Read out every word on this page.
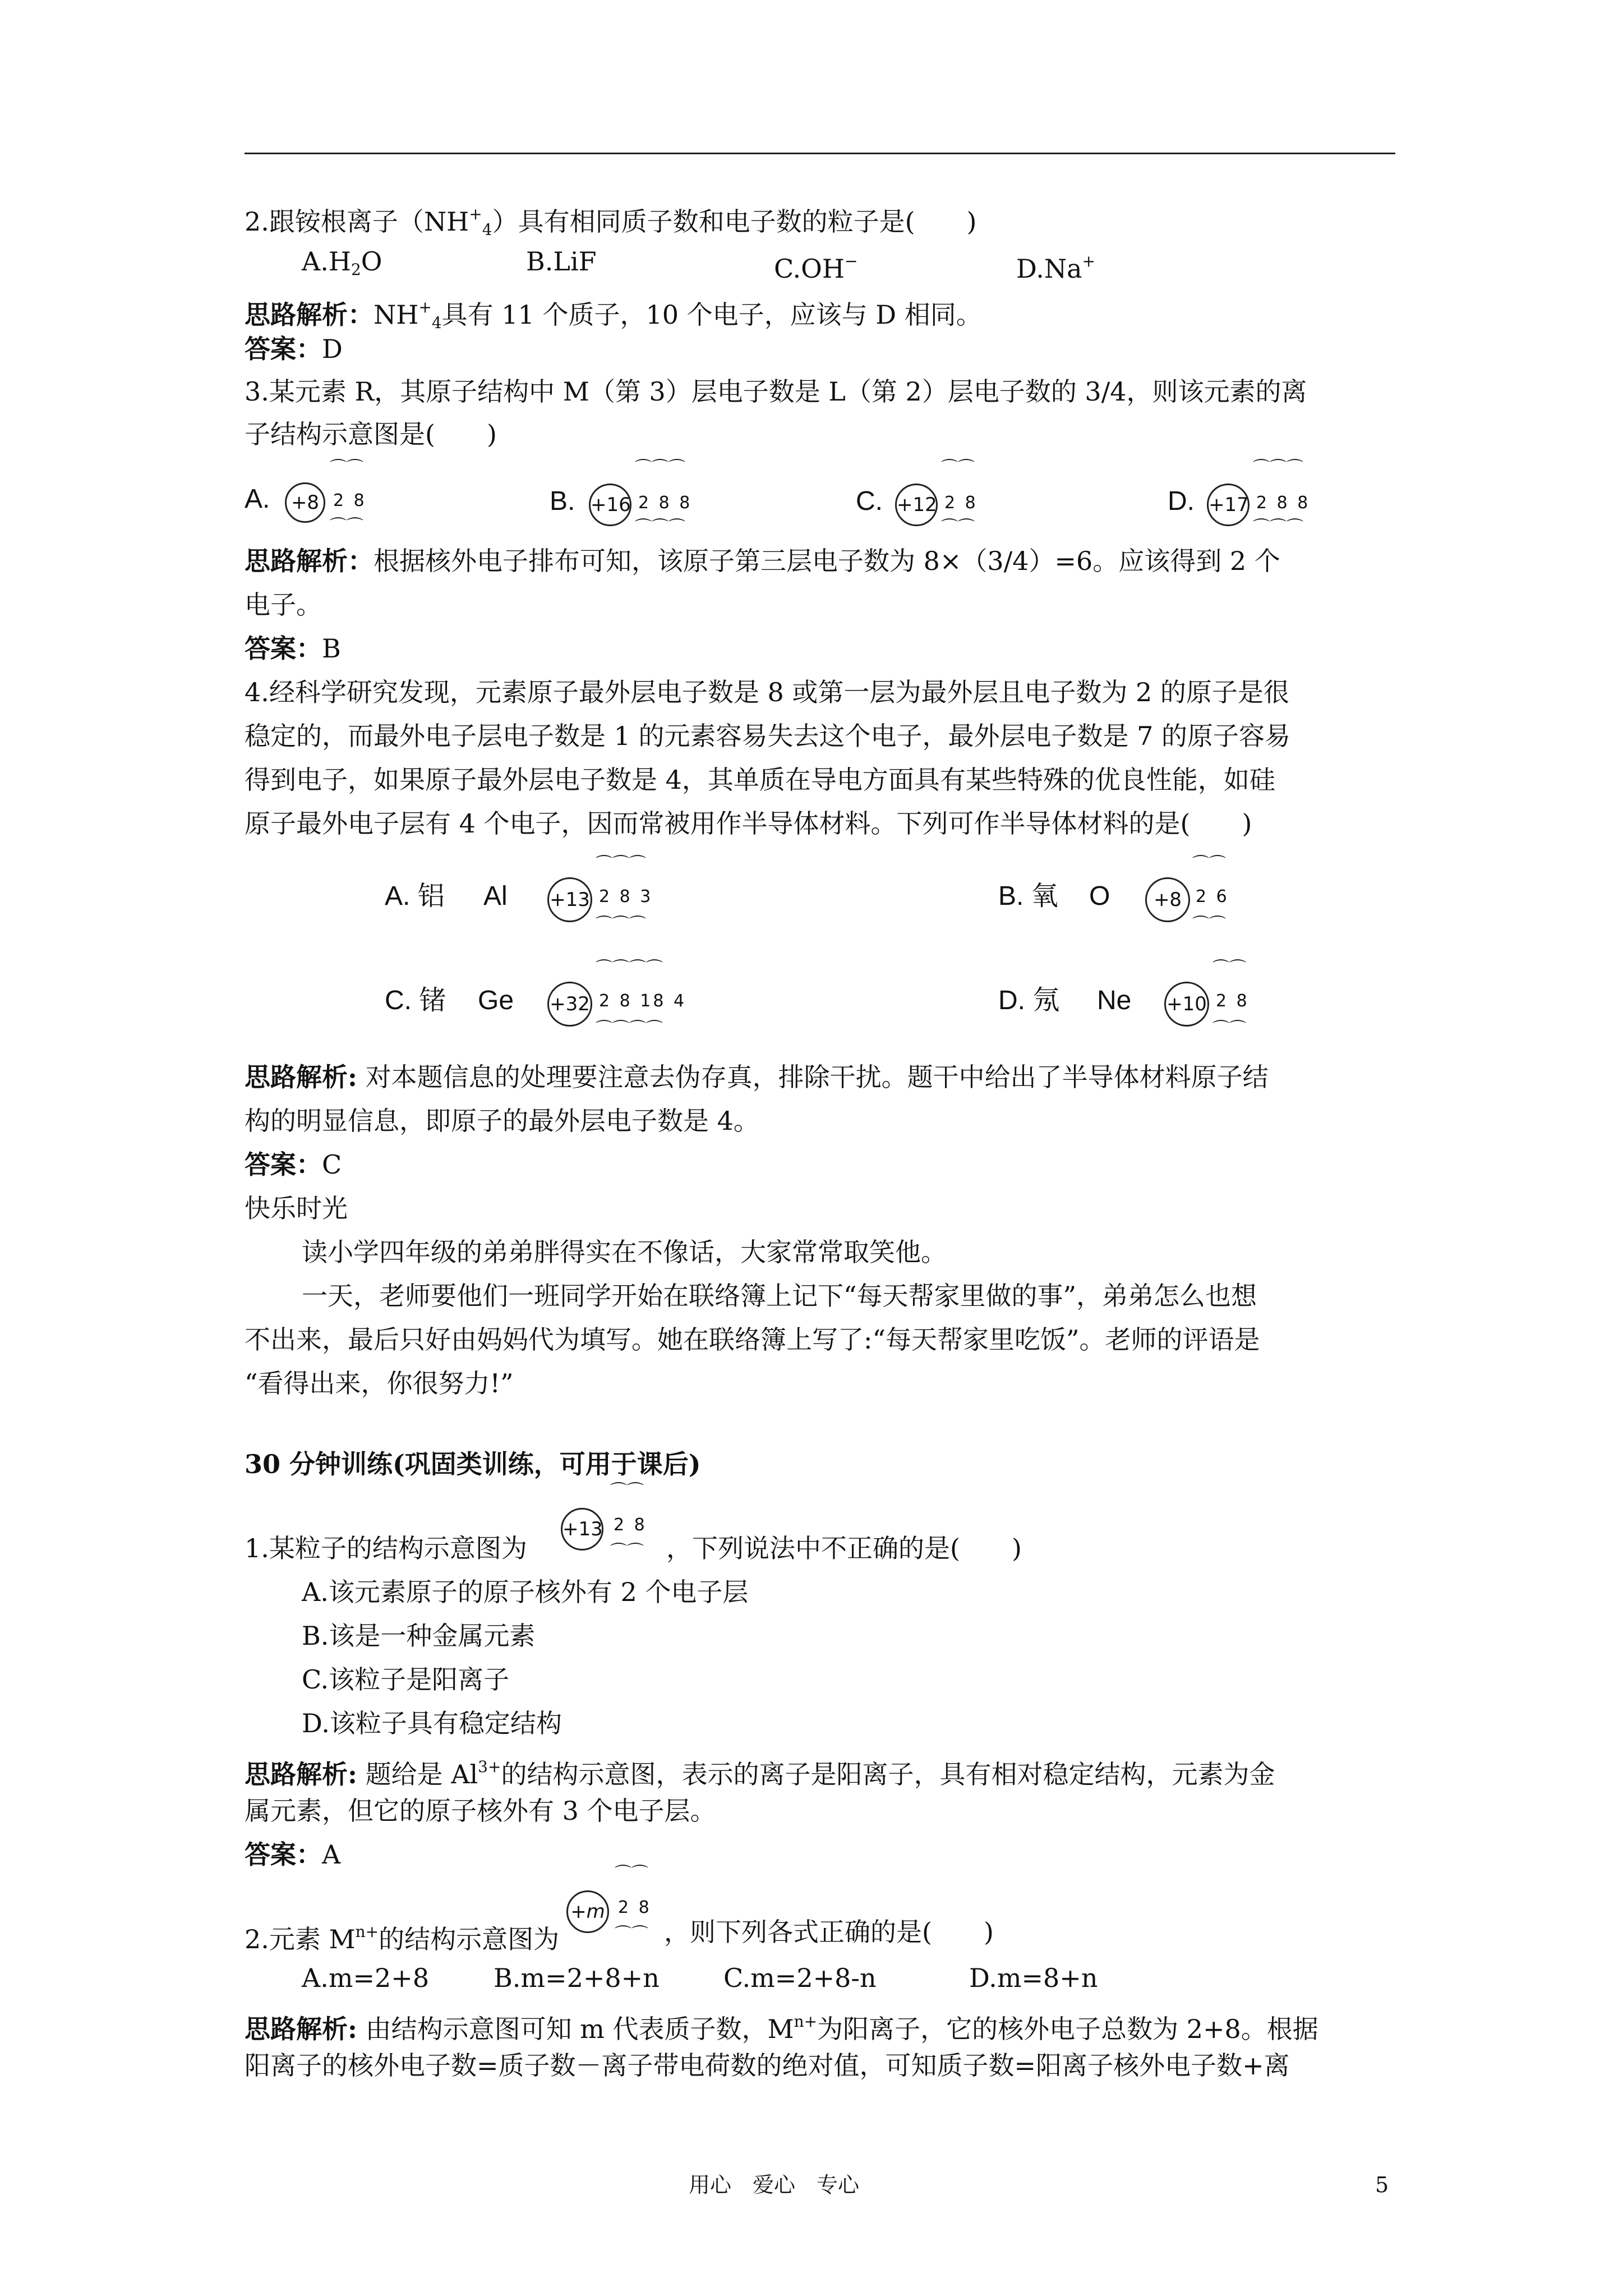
2.跟铵根离子$(NH^+_4)$具有相同质子数和电子数的粒子是(　　)
$A.H_2O$	B.LiF	C.OH−	D.Na+
思路解析：$NH^+_4$具有 11 个质子，10 个电子，应该与 D 相同。
答案：D
3.某元素 R，其原子结构中 M（第 3）层电子数是 L（第 2）层电子数的 3/4，则该元素的离
子结构示意图是(　　)
A.	+8
⌒⌒
2 8
⌒⌒
B. +16
⌒⌒⌒
2 8 8
⌒⌒⌒
C. +12
⌒⌒
2 8
⌒⌒
D. +17
⌒⌒⌒
2 8 8
⌒⌒⌒
思路解析：根据核外电子排布可知，该原子第三层电子数为 8×（3/4）=6。应该得到 2 个
电子。
答案：B
4.经科学研究发现，元素原子最外层电子数是 8 或第一层为最外层且电子数为 2 的原子是很
稳定的，而最外电子层电子数是 1 的元素容易失去这个电子，最外层电子数是 7 的原子容易
得到电子，如果原子最外层电子数是 4，其单质在导电方面具有某些特殊的优良性能，如硅
原子最外电子层有 4 个电子，因而常被用作半导体材料。下列可作半导体材料的是(　　)
A. 铝 Al +13
⌒⌒⌒
2 8 3
⌒⌒⌒
B. 氧 O	+8
⌒⌒
2 6
⌒⌒
C. 锗 Ge +32
⌒⌒⌒⌒
2 8 18 4
⌒⌒⌒⌒
D. 氖 Ne +10
⌒⌒
2 8
⌒⌒
思路解析: 对本题信息的处理要注意去伪存真，排除干扰。题干中给出了半导体材料原子结
构的明显信息，即原子的最外层电子数是 4。
答案：C
快乐时光
读小学四年级的弟弟胖得实在不像话，大家常常取笑他。
一天，老师要他们一班同学开始在联络簿上记下“每天帮家里做的事”，弟弟怎么也想
不出来，最后只好由妈妈代为填写。她在联络簿上写了:“每天帮家里吃饭”。老师的评语是
“看得出来，你很努力!”
30 分钟训练(巩固类训练，可用于课后)
1.某粒子的结构示意图为
+13
⌒⌒
2 8
⌒⌒ ，下列说法中不正确的是(　　)
A.该元素原子的原子核外有 2 个电子层
B.该是一种金属元素
C.该粒子是阳离子
D.该粒子具有稳定结构
思路解析: 题给是 $Al^{3+}$的结构示意图，表示的离子是阳离子，具有相对稳定结构，元素为金
属元素，但它的原子核外有 3 个电子层。
答案：A
2.元素 $M^{n+}$的结构示意图为
+m
⌒⌒
2 8
⌒⌒ ，则下列各式正确的是(　　)
A.m=2+8 B.m=2+8+n C.m=2+8-n	D.m=8+n
思路解析: 由结构示意图可知 m 代表质子数，$M^{n+}$为阳离子，它的核外电子总数为 2+8。根据
阳离子的核外电子数=质子数－离子带电荷数的绝对值，可知质子数=阳离子核外电子数+离
用心　爱心　专心	5
